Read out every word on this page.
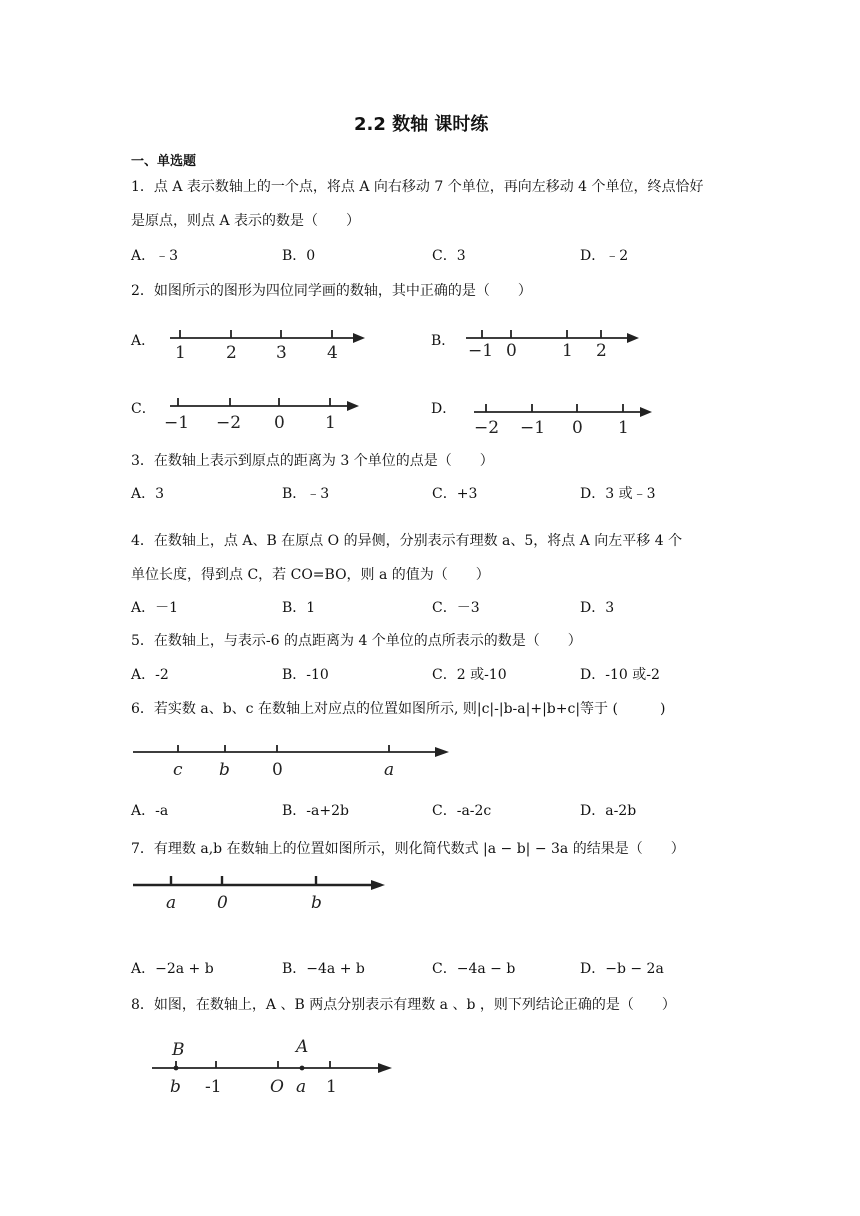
2.2 数轴 课时练
一、单选题
1．点 A 表示数轴上的一个点，将点 A 向右移动 7 个单位，再向左移动 4 个单位，终点恰好
是原点，则点 A 表示的数是（　　）
A．﹣3	B．0	C．3	D．﹣2
2．如图所示的图形为四位同学画的数轴，其中正确的是（　　）
A．
1 2 3 4
B． −1 0	1 2
C．
−1 −2 0 1
D．
−2 −1 0 1
3．在数轴上表示到原点的距离为 3 个单位的点是（　　）
A．3	B．﹣3	C．+3	D．3 或﹣3
4．在数轴上，点 A、B 在原点 O 的异侧，分别表示有理数 a、5，将点 A 向左平移 4 个
单位长度，得到点 C，若 CO=BO，则 a 的值为（　　）
A．－1	B．1	C．－3	D．3
5．在数轴上，与表示-6 的点距离为 4 个单位的点所表示的数是（　　）
A．-2	B．-10	C．2 或-10	D．-10 或-2
6．若实数 a、b、c 在数轴上对应点的位置如图所示, 则|c|-|b-a|+|b+c|等于 (　　　)
c b 0	a
A．-a	B．-a+2b	C．-a-2c	D．a-2b
7．有理数 a,b 在数轴上的位置如图所示，则化简代数式 |a − b| − 3a 的结果是（　　）
a 0	b
A．−2a + b	B．−4a + b	C．−4a − b	D．−b − 2a
8．如图，在数轴上，A 、B 两点分别表示有理数 a 、b ，则下列结论正确的是（　　）
B	A
b -1	O a 1
